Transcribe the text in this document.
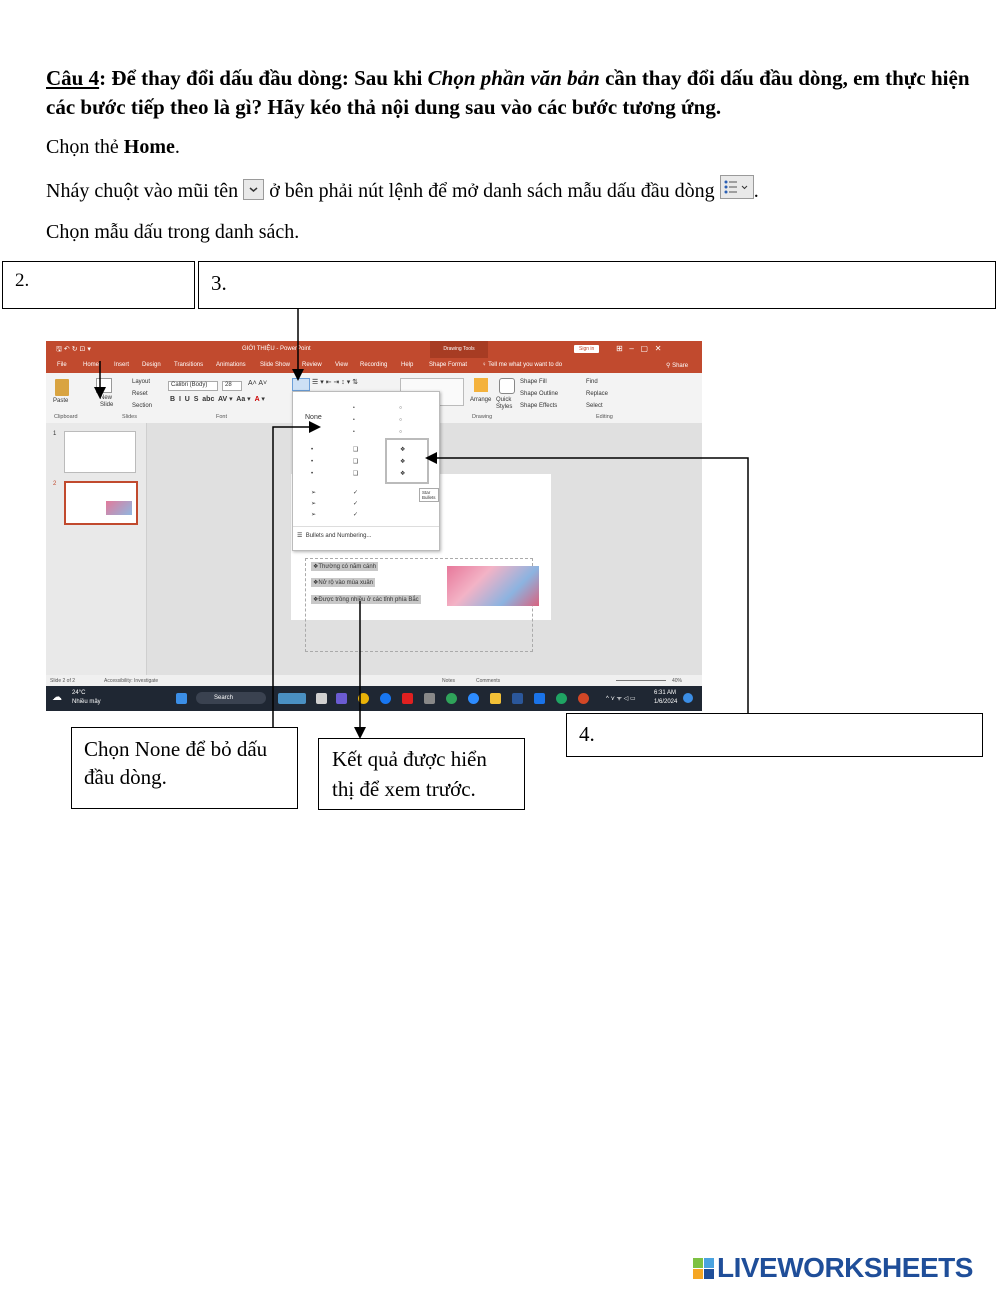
Câu 4: Để thay đổi dấu đầu dòng: Sau khi Chọn phần văn bản cần thay đổi dấu đầu dòng, em thực hiện các bước tiếp theo là gì? Hãy kéo thả nội dung sau vào các bước tương ứng.
Chọn thẻ Home.
Nháy chuột vào mũi tên  ở bên phải nút lệnh để mở danh sách mẫu dấu đầu dòng .
Chọn mẫu dấu trong danh sách.
2.	3.
4.
Chọn None để bỏ dấu đầu dòng.
Kết quả được hiển thị để xem trước.
🖫 ↶ ↻ ⊡ ▾	GIỚI THIỆU - PowerPoint	Drawing Tools	Sign in	⊞   –   ▢   ✕
File	Home Insert Design Transitions Animations Slide Show Review View Recording Help	Shape Format ♀ Tell me what you want to do	⚲ Share
Paste	New Slide
Layout
Reset
Section
Calibri (Body)	28	A˄ A˅
B  I  U  S  abc  AV ▾  Aa ▾  A ▾
☰ ▾ ⇤ ⇥ ↕ ▾ ⇅
Arrange Quick Styles
Shape Fill
Shape Outline
Shape Effects
Find
Replace
Select
Clipboard	Slides	Font	Drawing	Editing
1
2
❖Thường có năm cánh
❖Nở rộ vào mùa xuân
❖Được trồng nhiều ở các tỉnh phía Bắc
None
•
•
•
○
○
○
•
•
•
❑
❑
❑
❖
❖
❖
Star Bullets
➢
➢
➢
✓
✓
✓
☰  Bullets and Numbering...
Slide 2 of 2	Accessibility: Investigate	Notes	Comments	40%
☁ 24°C
Nhiều mây
Search	^ ⋎ ᯤ ◁ ▭
6:31 AM
1/6/2024
LIVEWORKSHEETS
